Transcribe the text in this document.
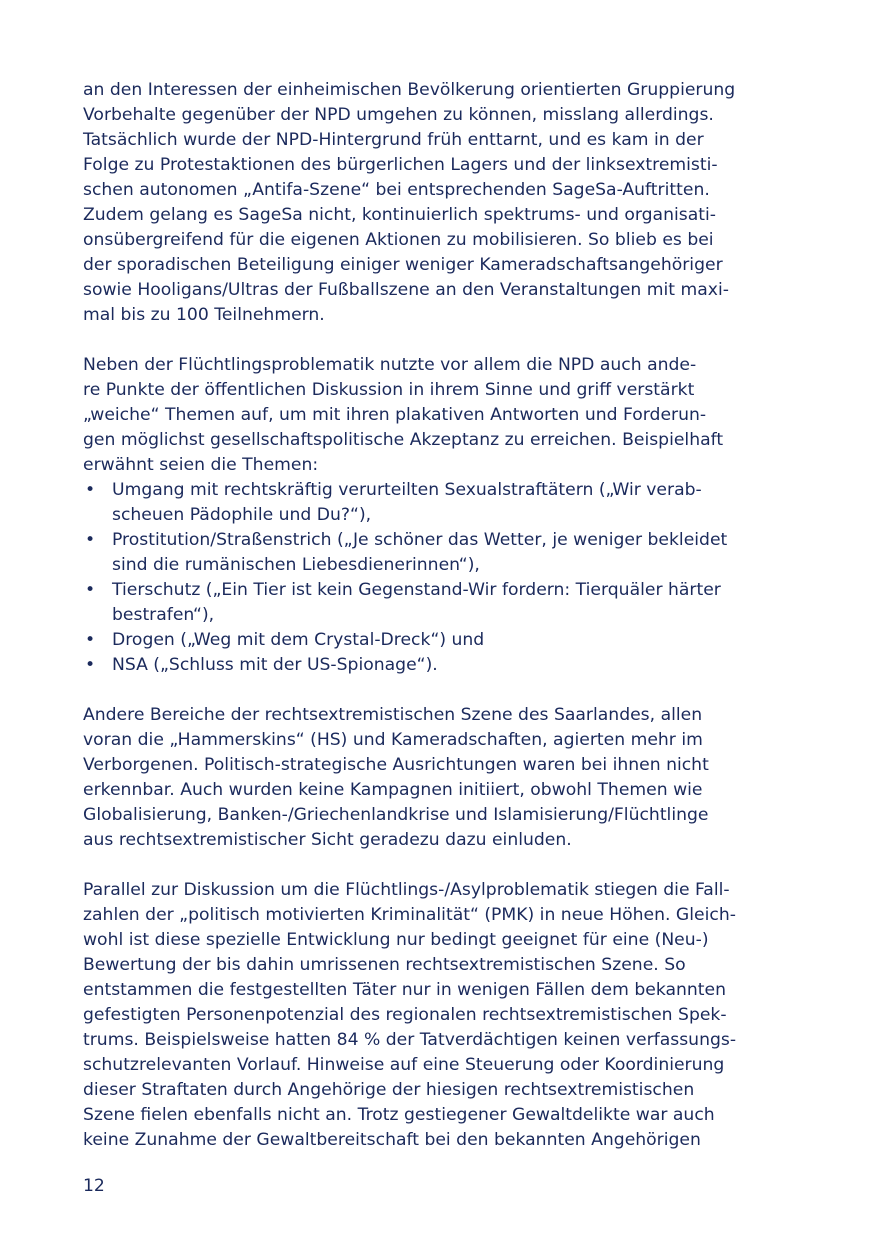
an den Interessen der einheimischen Bevölkerung orientierten Gruppierung
Vorbehalte gegenüber der NPD umgehen zu können, misslang allerdings.
Tatsächlich wurde der NPD-Hintergrund früh enttarnt, und es kam in der
Folge zu Protestaktionen des bürgerlichen Lagers und der linksextremisti-
schen autonomen „Antifa-Szene“ bei entsprechenden SageSa-Auftritten.
Zudem gelang es SageSa nicht, kontinuierlich spektrums- und organisati-
onsübergreifend für die eigenen Aktionen zu mobilisieren. So blieb es bei
der sporadischen Beteiligung einiger weniger Kameradschaftsangehöriger
sowie Hooligans/Ultras der Fußballszene an den Veranstaltungen mit maxi-
mal bis zu 100 Teilnehmern.

Neben der Flüchtlingsproblematik nutzte vor allem die NPD auch ande-
re Punkte der öffentlichen Diskussion in ihrem Sinne und griff verstärkt
„weiche“ Themen auf, um mit ihren plakativen Antworten und Forderun-
gen möglichst gesellschaftspolitische Akzeptanz zu erreichen. Beispielhaft
erwähnt seien die Themen:

• Umgang mit rechtskräftig verurteilten Sexualstraftätern („Wir verab-
scheuen Pädophile und Du?“),
• Prostitution/Straßenstrich („Je schöner das Wetter, je weniger bekleidet
sind die rumänischen Liebesdienerinnen“),
• Tierschutz („Ein Tier ist kein Gegenstand-Wir fordern: Tierquäler härter
bestrafen“),
• Drogen („Weg mit dem Crystal-Dreck“) und
• NSA („Schluss mit der US-Spionage“).

Andere Bereiche der rechtsextremistischen Szene des Saarlandes, allen
voran die „Hammerskins“ (HS) und Kameradschaften, agierten mehr im
Verborgenen. Politisch-strategische Ausrichtungen waren bei ihnen nicht
erkennbar. Auch wurden keine Kampagnen initiiert, obwohl Themen wie
Globalisierung, Banken-/Griechenlandkrise und Islamisierung/Flüchtlinge
aus rechtsextremistischer Sicht geradezu dazu einluden.

Parallel zur Diskussion um die Flüchtlings-/Asylproblematik stiegen die Fall-
zahlen der „politisch motivierten Kriminalität“ (PMK) in neue Höhen. Gleich-
wohl ist diese spezielle Entwicklung nur bedingt geeignet für eine (Neu-)
Bewertung der bis dahin umrissenen rechtsextremistischen Szene. So
entstammen die festgestellten Täter nur in wenigen Fällen dem bekannten
gefestigten Personenpotenzial des regionalen rechtsextremistischen Spek-
trums. Beispielsweise hatten 84 % der Tatverdächtigen keinen verfassungs-
schutzrelevanten Vorlauf. Hinweise auf eine Steuerung oder Koordinierung
dieser Straftaten durch Angehörige der hiesigen rechtsextremistischen
Szene fielen ebenfalls nicht an. Trotz gestiegener Gewaltdelikte war auch
keine Zunahme der Gewaltbereitschaft bei den bekannten Angehörigen

12
